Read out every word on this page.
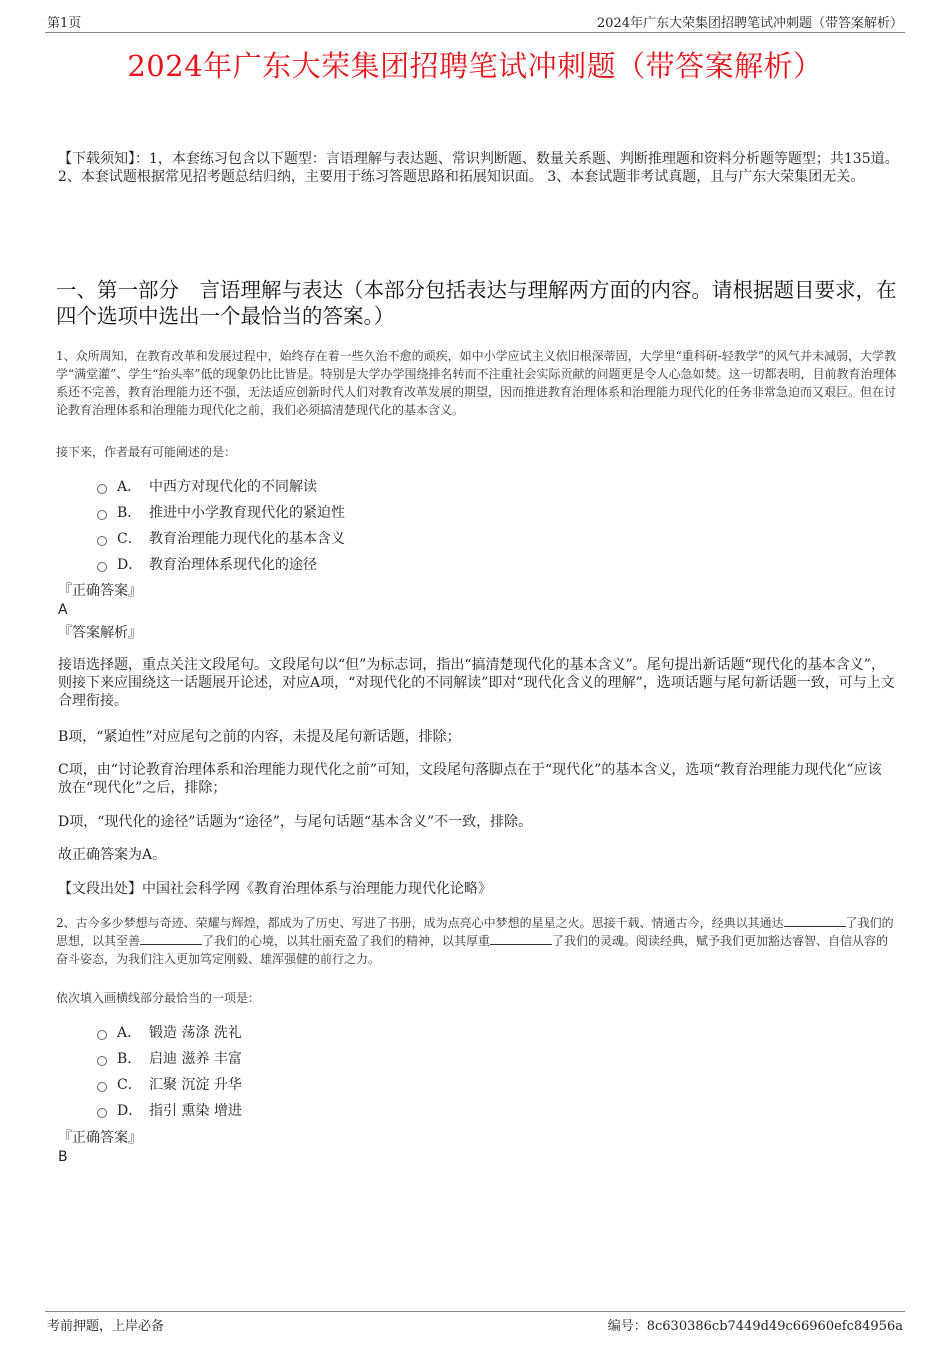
第1页	2024年广东大荣集团招聘笔试冲刺题（带答案解析）
2024年广东大荣集团招聘笔试冲刺题（带答案解析）
【下载须知】：1，本套练习包含以下题型：言语理解与表达题、常识判断题、数量关系题、判断推理题和资料分析题等题型；共135道。 2、本套试题根据常见招考题总结归纳，主要用于练习答题思路和拓展知识面。 3、本套试题非考试真题，且与广东大荣集团无关。
一、第一部分　言语理解与表达（本部分包括表达与理解两方面的内容。请根据题目要求，在四个选项中选出一个最恰当的答案。）
1、众所周知，在教育改革和发展过程中，始终存在着一些久治不愈的顽疾，如中小学应试主义依旧根深蒂固，大学里“重科研-轻教学”的风气并未减弱，大学教学“满堂灌”、学生“抬头率”低的现象仍比比皆是。特别是大学办学围绕排名转而不注重社会实际贡献的问题更是令人心急如焚。这一切都表明，目前教育治理体系还不完善，教育治理能力还不强，无法适应创新时代人们对教育改革发展的期望，因而推进教育治理体系和治理能力现代化的任务非常急迫而又艰巨。但在讨论教育治理体系和治理能力现代化之前，我们必须搞清楚现代化的基本含义。
接下来，作者最有可能阐述的是：
A． 中西方对现代化的不同解读
B． 推进中小学教育现代化的紧迫性
C． 教育治理能力现代化的基本含义
D． 教育治理体系现代化的途径
『正确答案』
A
『答案解析』
接语选择题，重点关注文段尾句。文段尾句以“但”为标志词，指出“搞清楚现代化的基本含义”。尾句提出新话题“现代化的基本含义”，则接下来应围绕这一话题展开论述，对应A项，“对现代化的不同解读”即对“现代化含义的理解”，选项话题与尾句新话题一致，可与上文合理衔接。
B项，“紧迫性”对应尾句之前的内容，未提及尾句新话题，排除；
C项，由“讨论教育治理体系和治理能力现代化之前”可知，文段尾句落脚点在于“现代化”的基本含义，选项“教育治理能力现代化”应该放在“现代化”之后，排除；
D项，“现代化的途径”话题为“途径”，与尾句话题“基本含义”不一致，排除。
故正确答案为A。
【文段出处】中国社会科学网《教育治理体系与治理能力现代化论略》
2、古今多少梦想与奇迹、荣耀与辉煌，都成为了历史、写进了书册，成为点亮心中梦想的星星之火。思接千载、情通古今，经典以其通达	了我们的思想，以其至善	了我们的心境，以其壮丽充盈了我们的精神，以其厚重	了我们的灵魂。阅读经典，赋予我们更加豁达睿智、自信从容的奋斗姿态，为我们注入更加笃定刚毅、雄浑强健的前行之力。
依次填入画横线部分最恰当的一项是：
A． 锻造 荡涤 洗礼
B． 启迪 滋养 丰富
C． 汇聚 沉淀 升华
D． 指引 熏染 增进
『正确答案』
B
考前押题，上岸必备	编号：8c630386cb7449d49c66960efc84956a
